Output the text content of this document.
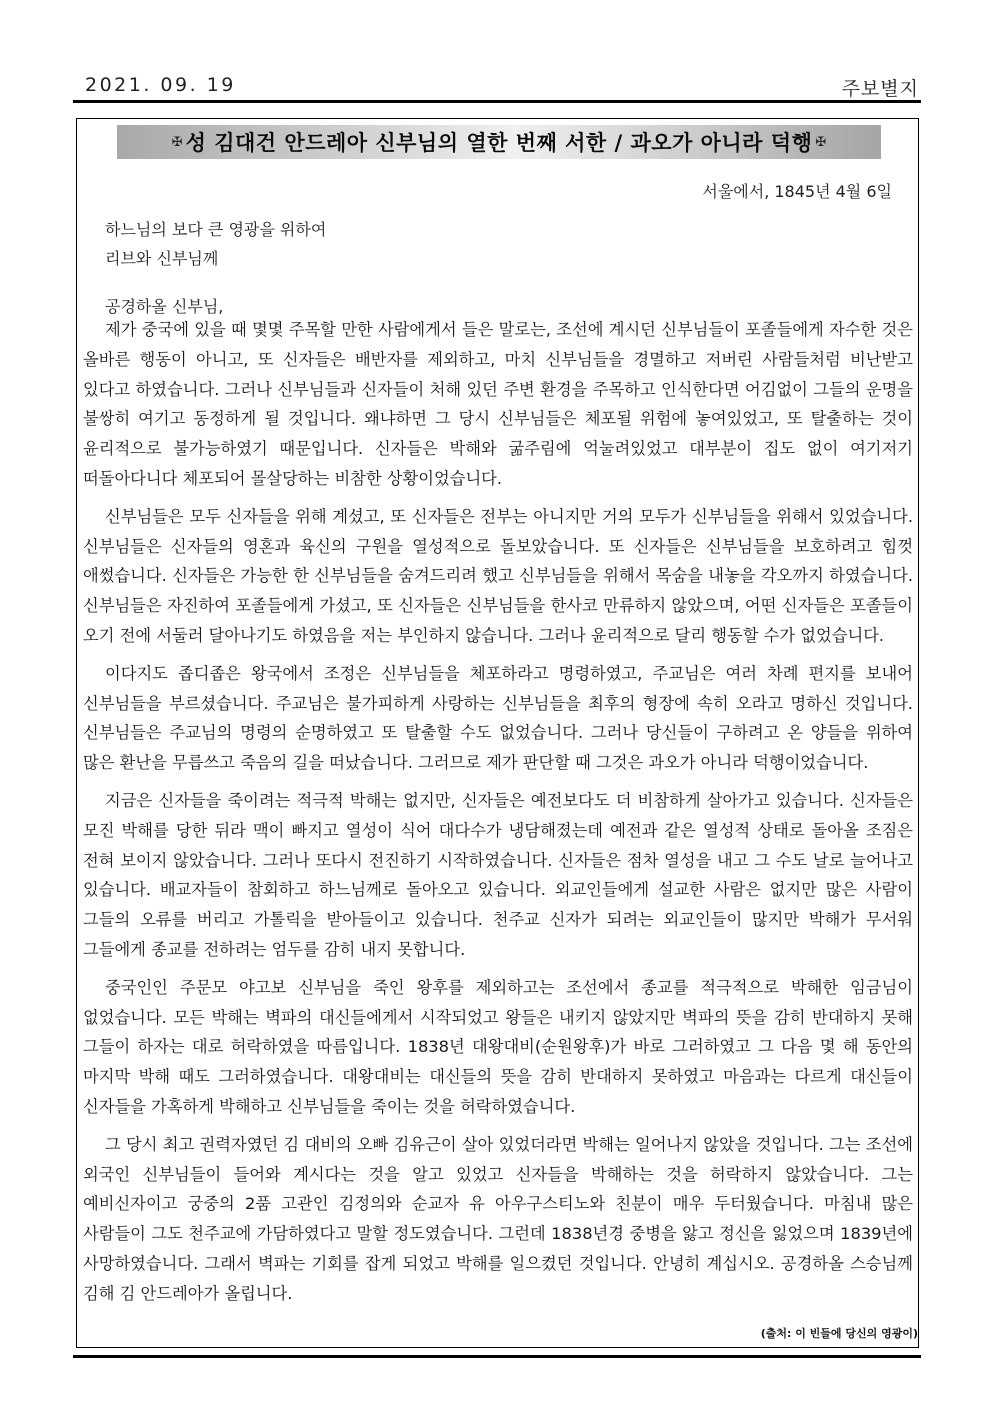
2021. 09. 19	주보별지
✠ 성 김대건 안드레아 신부님의 열한 번째 서한 / 과오가 아니라 덕행 ✠
서울에서, 1845년 4월 6일
하느님의 보다 큰 영광을 위하여
리브와 신부님께
공경하올 신부님,

제가 중국에 있을 때 몇몇 주목할 만한 사람에게서 들은 말로는, 조선에 계시던 신부님들이 포졸들에게 자수한 것은 올바른 행동이 아니고, 또 신자들은 배반자를 제외하고, 마치 신부님들을 경멸하고 저버린 사람들처럼 비난받고 있다고 하였습니다. 그러나 신부님들과 신자들이 처해 있던 주변 환경을 주목하고 인식한다면 어김없이 그들의 운명을 불쌍히 여기고 동정하게 될 것입니다. 왜냐하면 그 당시 신부님들은 체포될 위험에 놓여있었고, 또 탈출하는 것이 윤리적으로 불가능하였기 때문입니다. 신자들은 박해와 굶주림에 억눌려있었고 대부분이 집도 없이 여기저기 떠돌아다니다 체포되어 몰살당하는 비참한 상황이었습니다.

신부님들은 모두 신자들을 위해 계셨고, 또 신자들은 전부는 아니지만 거의 모두가 신부님들을 위해서 있었습니다. 신부님들은 신자들의 영혼과 육신의 구원을 열성적으로 돌보았습니다. 또 신자들은 신부님들을 보호하려고 힘껏 애썼습니다. 신자들은 가능한 한 신부님들을 숨겨드리려 했고 신부님들을 위해서 목숨을 내놓을 각오까지 하였습니다. 신부님들은 자진하여 포졸들에게 가셨고, 또 신자들은 신부님들을 한사코 만류하지 않았으며, 어떤 신자들은 포졸들이 오기 전에 서둘러 달아나기도 하였음을 저는 부인하지 않습니다. 그러나 윤리적으로 달리 행동할 수가 없었습니다.

이다지도 좁디좁은 왕국에서 조정은 신부님들을 체포하라고 명령하였고, 주교님은 여러 차례 편지를 보내어 신부님들을 부르셨습니다. 주교님은 불가피하게 사랑하는 신부님들을 최후의 형장에 속히 오라고 명하신 것입니다. 신부님들은 주교님의 명령의 순명하였고 또 탈출할 수도 없었습니다. 그러나 당신들이 구하려고 온 양들을 위하여 많은 환난을 무릅쓰고 죽음의 길을 떠났습니다. 그러므로 제가 판단할 때 그것은 과오가 아니라 덕행이었습니다.

지금은 신자들을 죽이려는 적극적 박해는 없지만, 신자들은 예전보다도 더 비참하게 살아가고 있습니다. 신자들은 모진 박해를 당한 뒤라 맥이 빠지고 열성이 식어 대다수가 냉담해졌는데 예전과 같은 열성적 상태로 돌아올 조짐은 전혀 보이지 않았습니다. 그러나 또다시 전진하기 시작하였습니다. 신자들은 점차 열성을 내고 그 수도 날로 늘어나고 있습니다. 배교자들이 참회하고 하느님께로 돌아오고 있습니다. 외교인들에게 설교한 사람은 없지만 많은 사람이 그들의 오류를 버리고 가톨릭을 받아들이고 있습니다. 천주교 신자가 되려는 외교인들이 많지만 박해가 무서워 그들에게 종교를 전하려는 엄두를 감히 내지 못합니다.

중국인인 주문모 야고보 신부님을 죽인 왕후를 제외하고는 조선에서 종교를 적극적으로 박해한 임금님이 없었습니다. 모든 박해는 벽파의 대신들에게서 시작되었고 왕들은 내키지 않았지만 벽파의 뜻을 감히 반대하지 못해 그들이 하자는 대로 허락하였을 따름입니다. 1838년 대왕대비(순원왕후)가 바로 그러하였고 그 다음 몇 해 동안의 마지막 박해 때도 그러하였습니다. 대왕대비는 대신들의 뜻을 감히 반대하지 못하였고 마음과는 다르게 대신들이 신자들을 가혹하게 박해하고 신부님들을 죽이는 것을 허락하였습니다.

그 당시 최고 권력자였던 김 대비의 오빠 김유근이 살아 있었더라면 박해는 일어나지 않았을 것입니다. 그는 조선에 외국인 신부님들이 들어와 계시다는 것을 알고 있었고 신자들을 박해하는 것을 허락하지 않았습니다. 그는 예비신자이고 궁중의 2품 고관인 김정의와 순교자 유 아우구스티노와 친분이 매우 두터웠습니다. 마침내 많은 사람들이 그도 천주교에 가담하였다고 말할 정도였습니다. 그런데 1838년경 중병을 앓고 정신을 잃었으며 1839년에 사망하였습니다. 그래서 벽파는 기회를 잡게 되었고 박해를 일으켰던 것입니다. 안녕히 계십시오. 공경하올 스승님께 김해 김 안드레아가 올립니다.

(출처: 이 빈들에 당신의 영광이)
